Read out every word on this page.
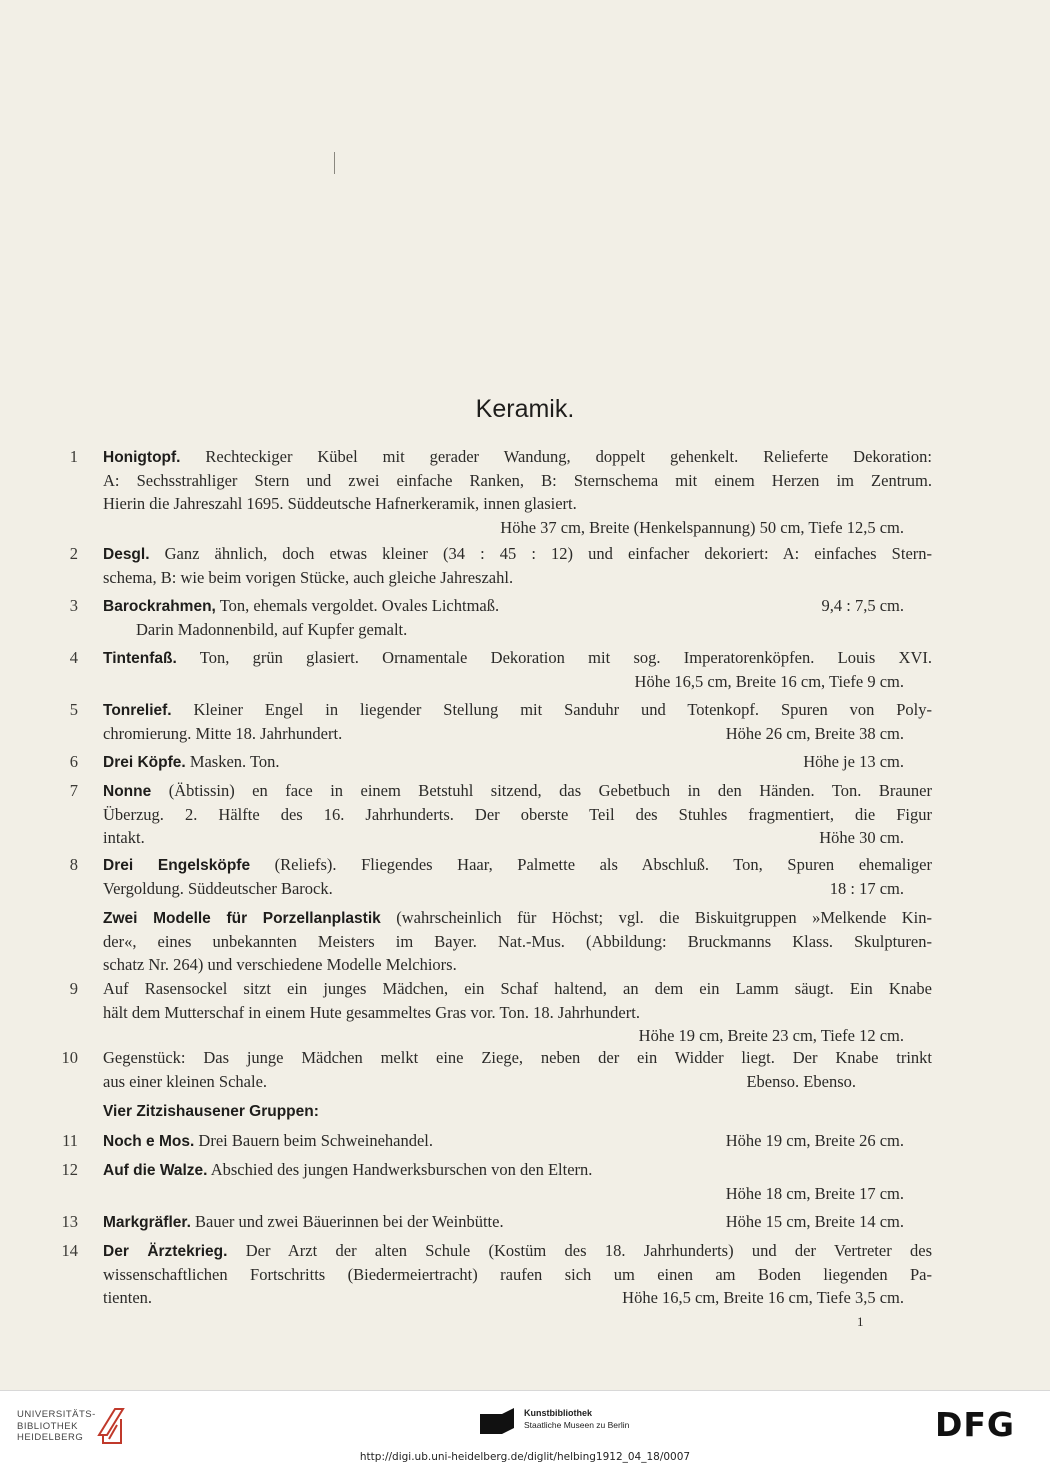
Keramik.
1 Honigtopf. Rechteckiger Kübel mit gerader Wandung, doppelt gehenkelt. Relieferte Dekoration:
A: Sechsstrahliger Stern und zwei einfache Ranken, B: Sternschema mit einem Herzen im Zentrum.
Hierin die Jahreszahl 1695. Süddeutsche Hafnerkeramik, innen glasiert.
Höhe 37 cm, Breite (Henkelspannung) 50 cm, Tiefe 12,5 cm.
2 Desgl. Ganz ähnlich, doch etwas kleiner (34 : 45 : 12) und einfacher dekoriert: A: einfaches Stern-
schema, B: wie beim vorigen Stücke, auch gleiche Jahreszahl.
3 Barockrahmen, Ton, ehemals vergoldet. Ovales Lichtmaß.	9,4 : 7,5 cm.
Darin Madonnenbild, auf Kupfer gemalt.
4 Tintenfaß. Ton, grün glasiert. Ornamentale Dekoration mit sog. Imperatorenköpfen. Louis XVI.
Höhe 16,5 cm, Breite 16 cm, Tiefe 9 cm.
5 Tonrelief. Kleiner Engel in liegender Stellung mit Sanduhr und Totenkopf. Spuren von Poly-
chromierung. Mitte 18. Jahrhundert.	Höhe 26 cm, Breite 38 cm.
6 Drei Köpfe. Masken. Ton.	Höhe je 13 cm.
7 Nonne (Äbtissin) en face in einem Betstuhl sitzend, das Gebetbuch in den Händen. Ton. Brauner
Überzug. 2. Hälfte des 16. Jahrhunderts. Der oberste Teil des Stuhles fragmentiert, die Figur
intakt.	Höhe 30 cm.
8 Drei Engelsköpfe (Reliefs). Fliegendes Haar, Palmette als Abschluß. Ton, Spuren ehemaliger
Vergoldung. Süddeutscher Barock.	18 : 17 cm.
Zwei Modelle für Porzellanplastik (wahrscheinlich für Höchst; vgl. die Biskuitgruppen »Melkende Kin-
der«, eines unbekannten Meisters im Bayer. Nat.-Mus. (Abbildung: Bruckmanns Klass. Skulpturen-
schatz Nr. 264) und verschiedene Modelle Melchiors.
9 Auf Rasensockel sitzt ein junges Mädchen, ein Schaf haltend, an dem ein Lamm säugt. Ein Knabe
hält dem Mutterschaf in einem Hute gesammeltes Gras vor. Ton. 18. Jahrhundert.
Höhe 19 cm, Breite 23 cm, Tiefe 12 cm.
10 Gegenstück: Das junge Mädchen melkt eine Ziege, neben der ein Widder liegt. Der Knabe trinkt
aus einer kleinen Schale.	Ebenso. Ebenso.
Vier Zitzishausener Gruppen:
11 Noch e Mos. Drei Bauern beim Schweinehandel.	Höhe 19 cm, Breite 26 cm.
12 Auf die Walze. Abschied des jungen Handwerksburschen von den Eltern.
Höhe 18 cm, Breite 17 cm.
13 Markgräfler. Bauer und zwei Bäuerinnen bei der Weinbütte.	Höhe 15 cm, Breite 14 cm.
14 Der Ärztekrieg. Der Arzt der alten Schule (Kostüm des 18. Jahrhunderts) und der Vertreter des
wissenschaftlichen Fortschritts (Biedermeiertracht) raufen sich um einen am Boden liegenden Pa-
tienten.	Höhe 16,5 cm, Breite 16 cm, Tiefe 3,5 cm.
1
UNIVERSITÄTS-
BIBLIOTHEK
HEIDELBERG
Kunstbibliothek
Staatliche Museen zu Berlin	DFG
http://digi.ub.uni-heidelberg.de/diglit/helbing1912_04_18/0007
